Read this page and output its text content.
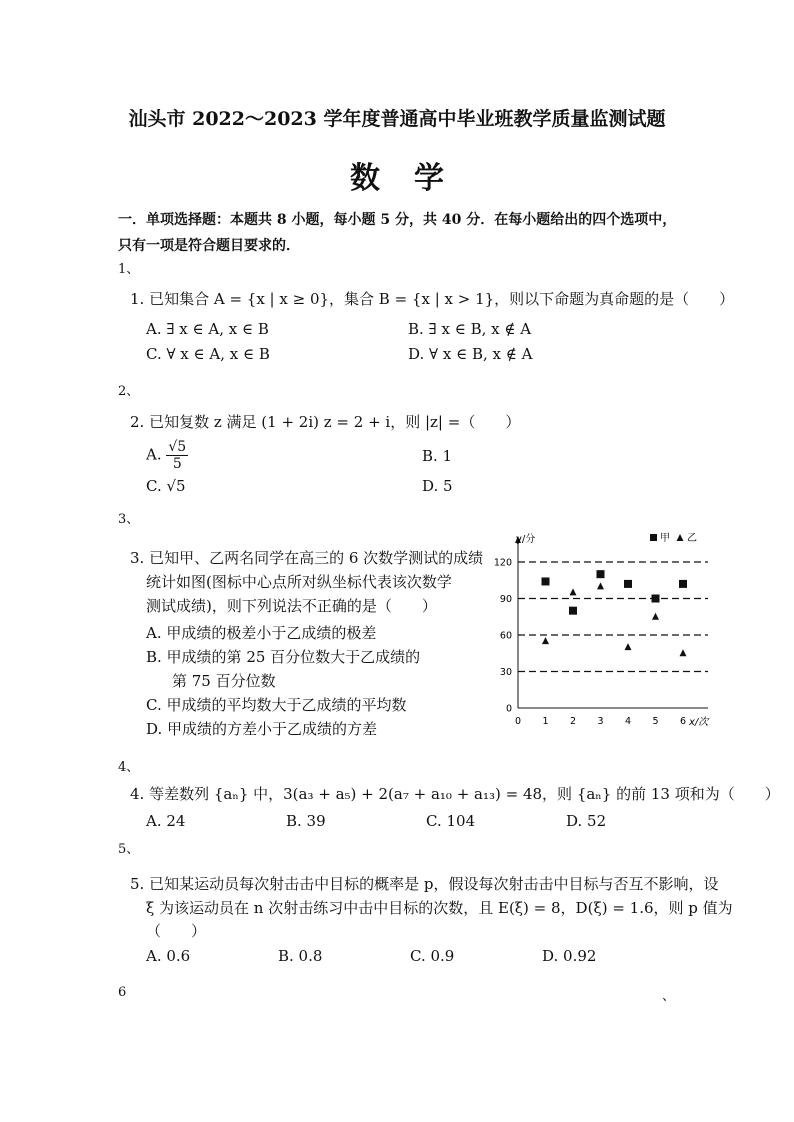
汕头市 2022～2023 学年度普通高中毕业班教学质量监测试题
数学
一．单项选择题：本题共 8 小题，每小题 5 分，共 40 分．在每小题给出的四个选项中，
只有一项是符合题目要求的．
1、
1. 已知集合 A = {x | x ≥ 0}，集合 B = {x | x > 1}，则以下命题为真命题的是（　　）
A. ∃ x ∈ A, x ∈ B	B. ∃ x ∈ B, x ∉ A
C. ∀ x ∈ A, x ∈ B	D. ∀ x ∈ B, x ∉ A
2、
2. 已知复数 z 满足 (1 + 2i) z = 2 + i，则 |z| =（　　）
A. $\frac{√5}{5}$	B. 1
C. √5	D. 5
3、
3. 已知甲、乙两名同学在高三的 6 次数学测试的成绩
统计如图(图标中心点所对纵坐标代表该次数学
测试成绩)，则下列说法不正确的是（　　）
A. 甲成绩的极差小于乙成绩的极差
B. 甲成绩的第 25 百分位数大于乙成绩的
第 75 百分位数
C. 甲成绩的平均数大于乙成绩的平均数
D. 甲成绩的方差小于乙成绩的方差
y/分
x/次
0
30
60
90
120
0 1 2 3 4 5 6
甲 乙
4、
4. 等差数列 {aₙ} 中，3(a₃ + a₅) + 2(a₇ + a₁₀ + a₁₃) = 48，则 {aₙ} 的前 13 项和为（　　）
A. 24	B. 39	C. 104	D. 52
5、
5. 已知某运动员每次射击击中目标的概率是 p，假设每次射击击中目标与否互不影响，设
ξ 为该运动员在 n 次射击练习中击中目标的次数，且 E(ξ) = 8，D(ξ) = 1.6，则 p 值为
（　　）
A. 0.6	B. 0.8	C. 0.9	D. 0.92
6	、
